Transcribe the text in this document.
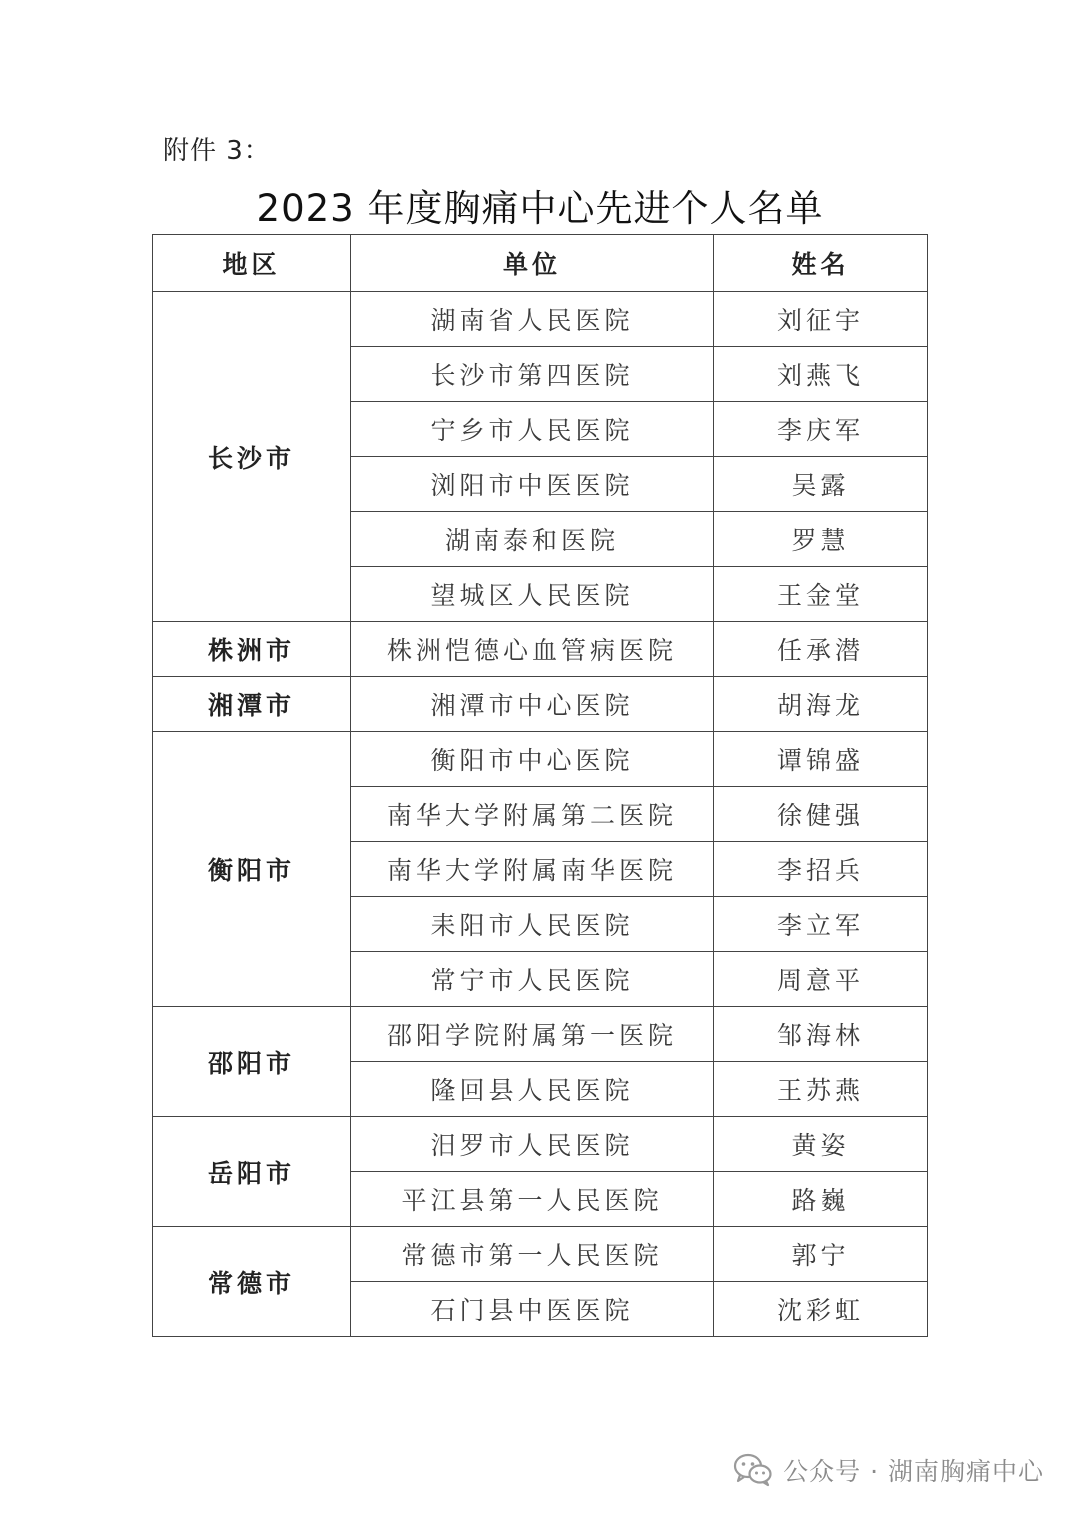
附件 3：
2023 年度胸痛中心先进个人名单
地区	单位	姓名
长沙市	湖南省人民医院	刘征宇
	长沙市第四医院	刘燕飞
	宁乡市人民医院	李庆军
	浏阳市中医医院	吴露
	湖南泰和医院	罗慧
	望城区人民医院	王金堂
株洲市	株洲恺德心血管病医院	任承潜
湘潭市	湘潭市中心医院	胡海龙
衡阳市	衡阳市中心医院	谭锦盛
	南华大学附属第二医院	徐健强
	南华大学附属南华医院	李招兵
	耒阳市人民医院	李立军
	常宁市人民医院	周意平
邵阳市	邵阳学院附属第一医院	邹海林
	隆回县人民医院	王苏燕
岳阳市	汨罗市人民医院	黄姿
	平江县第一人民医院	路巍
常德市	常德市第一人民医院	郭宁
	石门县中医医院	沈彩虹
公众号 · 湖南胸痛中心
